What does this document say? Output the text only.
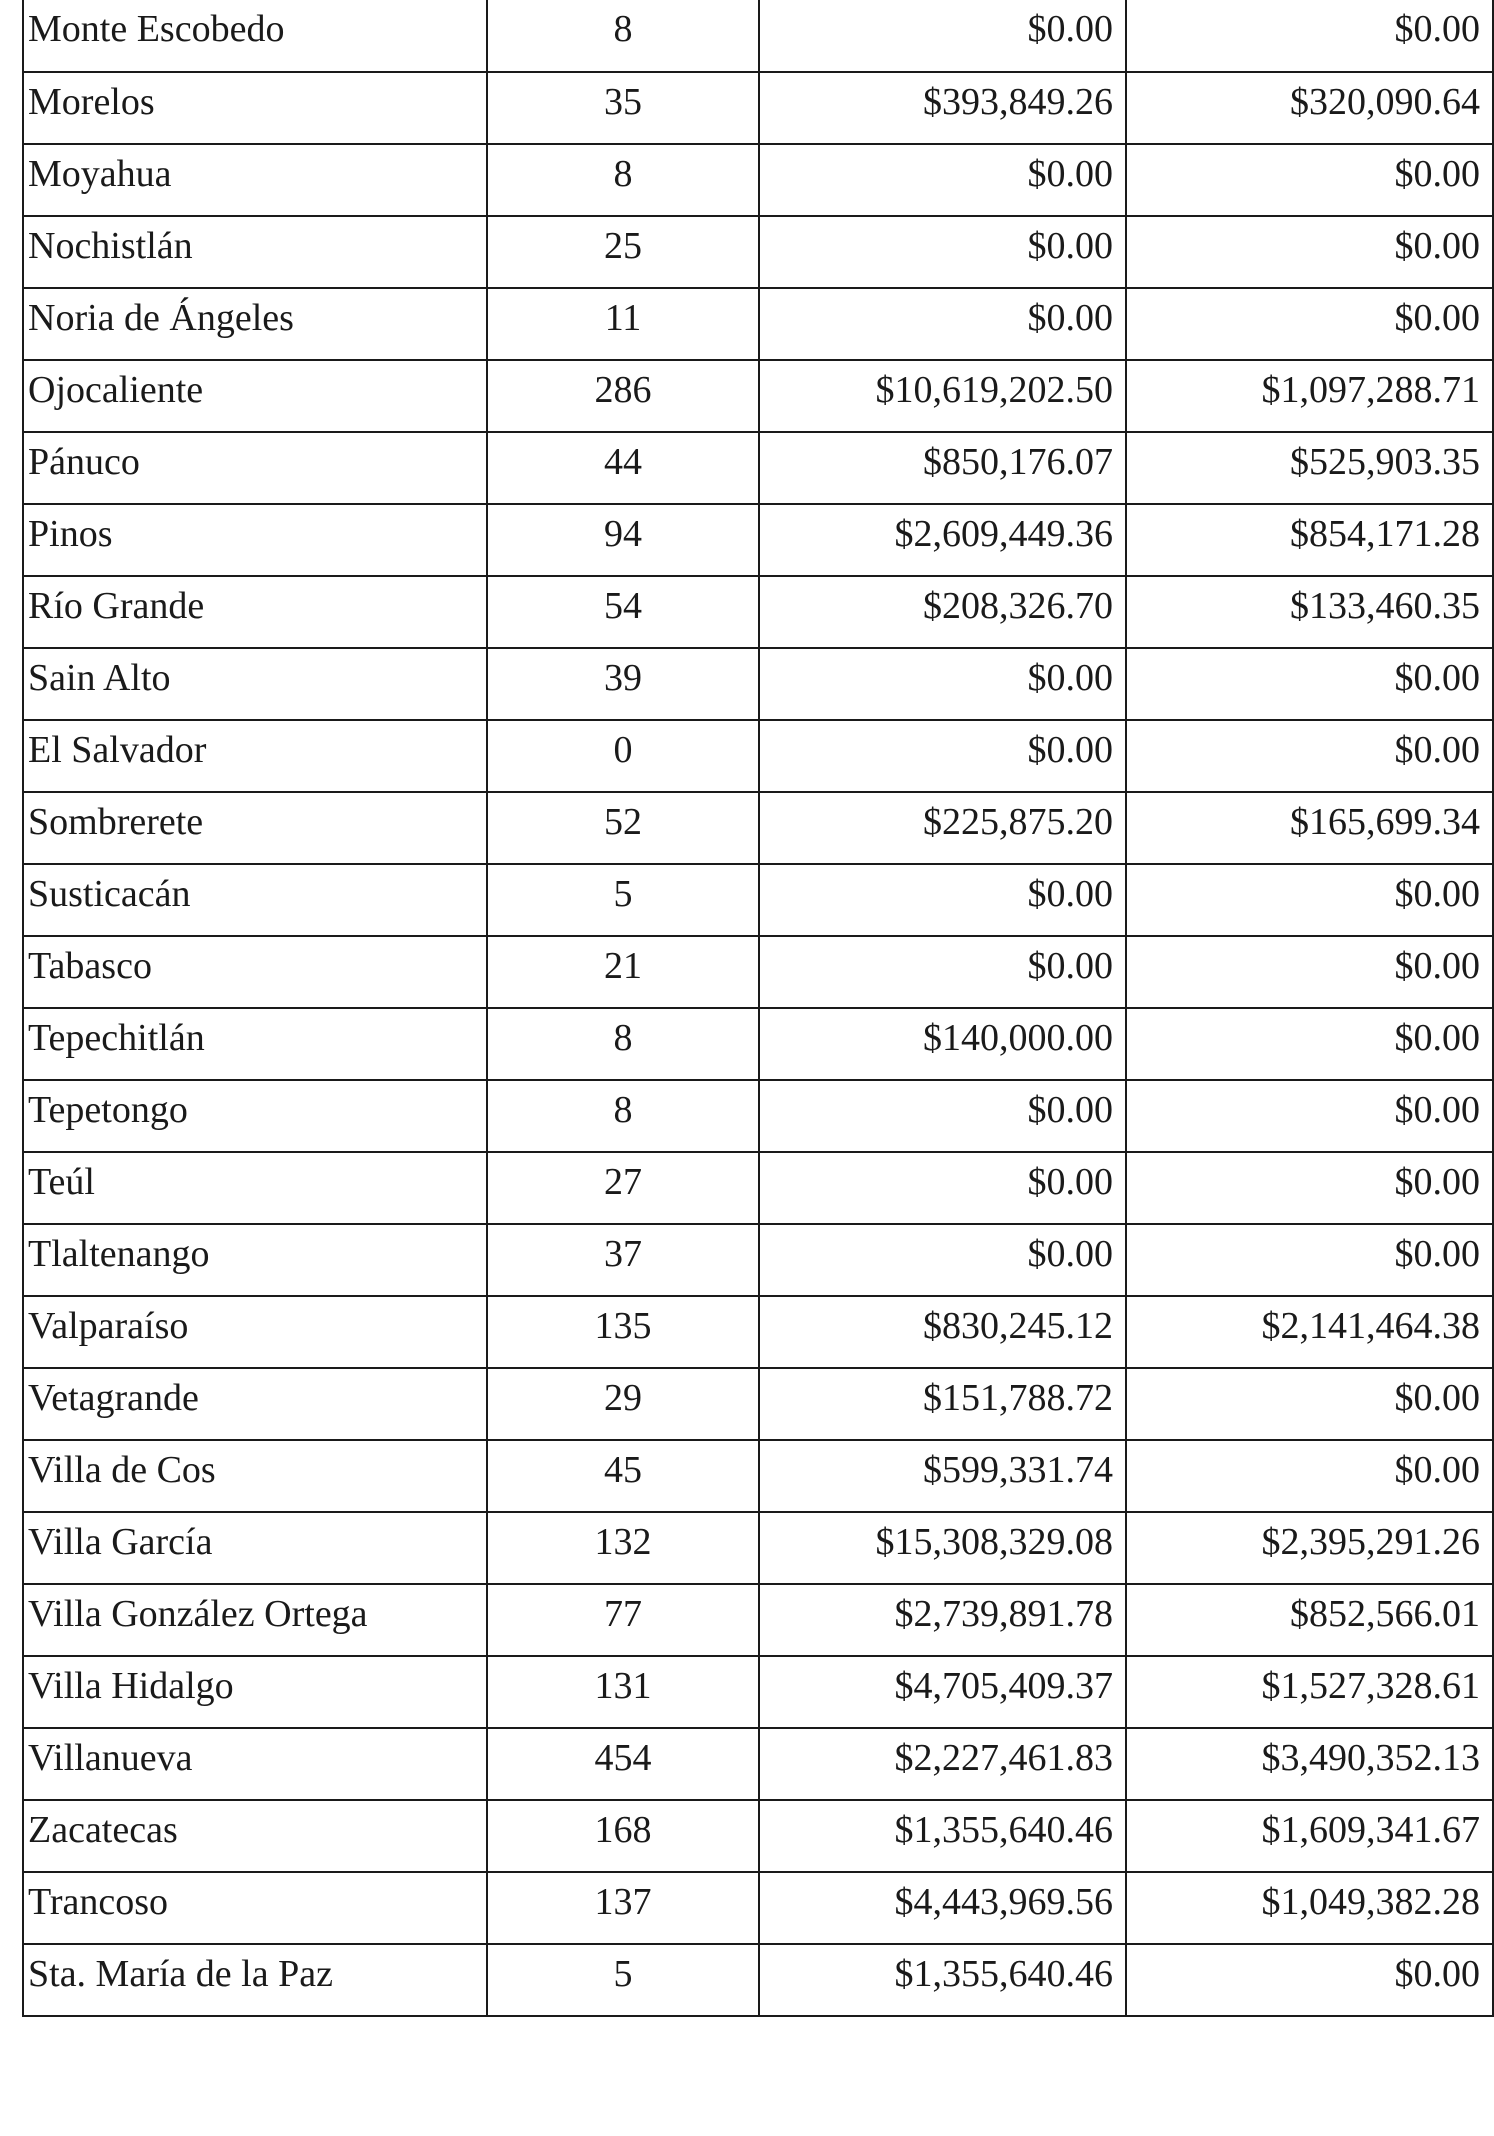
Monte Escobedo	8	$0.00	$0.00
Morelos	35	$393,849.26	$320,090.64
Moyahua	8	$0.00	$0.00
Nochistlán	25	$0.00	$0.00
Noria de Ángeles	11	$0.00	$0.00
Ojocaliente	286	$10,619,202.50	$1,097,288.71
Pánuco	44	$850,176.07	$525,903.35
Pinos	94	$2,609,449.36	$854,171.28
Río Grande	54	$208,326.70	$133,460.35
Sain Alto	39	$0.00	$0.00
El Salvador	0	$0.00	$0.00
Sombrerete	52	$225,875.20	$165,699.34
Susticacán	5	$0.00	$0.00
Tabasco	21	$0.00	$0.00
Tepechitlán	8	$140,000.00	$0.00
Tepetongo	8	$0.00	$0.00
Teúl	27	$0.00	$0.00
Tlaltenango	37	$0.00	$0.00
Valparaíso	135	$830,245.12	$2,141,464.38
Vetagrande	29	$151,788.72	$0.00
Villa de Cos	45	$599,331.74	$0.00
Villa García	132	$15,308,329.08	$2,395,291.26
Villa González Ortega	77	$2,739,891.78	$852,566.01
Villa Hidalgo	131	$4,705,409.37	$1,527,328.61
Villanueva	454	$2,227,461.83	$3,490,352.13
Zacatecas	168	$1,355,640.46	$1,609,341.67
Trancoso	137	$4,443,969.56	$1,049,382.28
Sta. María de la Paz	5	$1,355,640.46	$0.00
